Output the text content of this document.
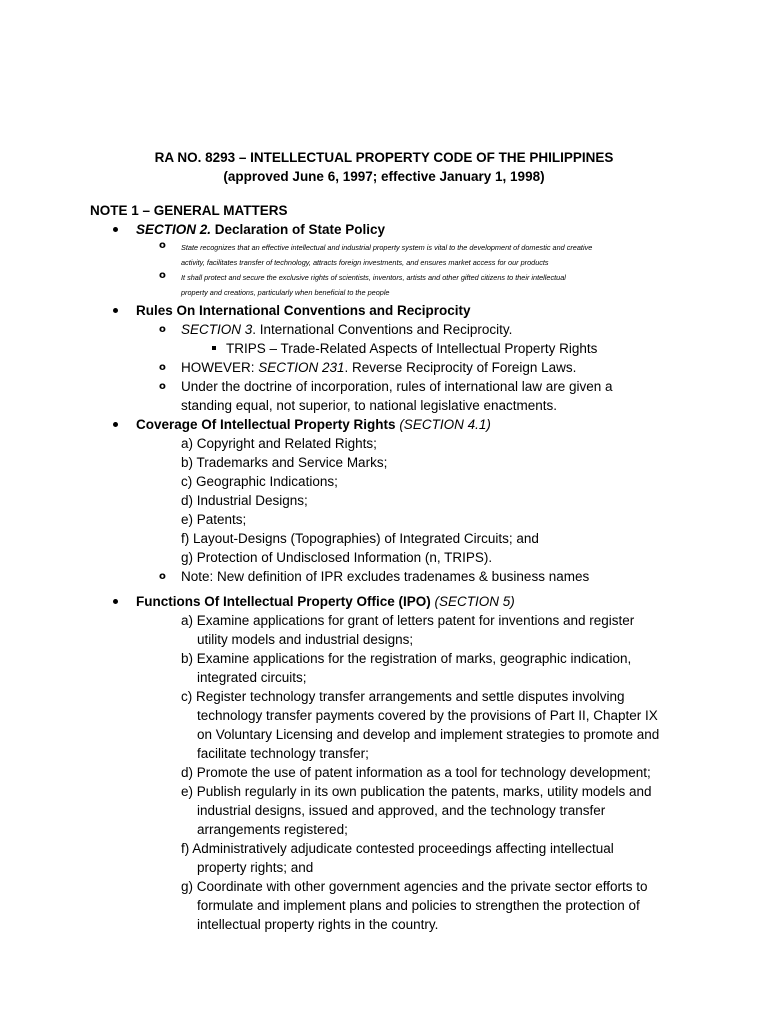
RA NO. 8293 – INTELLECTUAL PROPERTY CODE OF THE PHILIPPINES
(approved June 6, 1997; effective January 1, 1998)
NOTE 1 – GENERAL MATTERS
SECTION 2. Declaration of State Policy
o State recognizes that an effective intellectual and industrial property system is vital to the development of domestic and creative
activity, facilitates transfer of technology, attracts foreign investments, and ensures market access for our products
o It shall protect and secure the exclusive rights of scientists, inventors, artists and other gifted citizens to their intellectual
property and creations, particularly when beneficial to the people
Rules On International Conventions and Reciprocity
o SECTION 3. International Conventions and Reciprocity.
TRIPS – Trade-Related Aspects of Intellectual Property Rights
o HOWEVER: SECTION 231. Reverse Reciprocity of Foreign Laws.
o Under the doctrine of incorporation, rules of international law are given a
standing equal, not superior, to national legislative enactments.
Coverage Of Intellectual Property Rights (SECTION 4.1)
a) Copyright and Related Rights;
b) Trademarks and Service Marks;
c) Geographic Indications;
d) Industrial Designs;
e) Patents;
f) Layout-Designs (Topographies) of Integrated Circuits; and
g) Protection of Undisclosed Information (n, TRIPS).
o Note: New definition of IPR excludes tradenames & business names
Functions Of Intellectual Property Office (IPO) (SECTION 5)
a) Examine applications for grant of letters patent for inventions and register
utility models and industrial designs;
b) Examine applications for the registration of marks, geographic indication,
integrated circuits;
c) Register technology transfer arrangements and settle disputes involving
technology transfer payments covered by the provisions of Part II, Chapter IX
on Voluntary Licensing and develop and implement strategies to promote and
facilitate technology transfer;
d) Promote the use of patent information as a tool for technology development;
e) Publish regularly in its own publication the patents, marks, utility models and
industrial designs, issued and approved, and the technology transfer
arrangements registered;
f) Administratively adjudicate contested proceedings affecting intellectual
property rights; and
g) Coordinate with other government agencies and the private sector efforts to
formulate and implement plans and policies to strengthen the protection of
intellectual property rights in the country.
